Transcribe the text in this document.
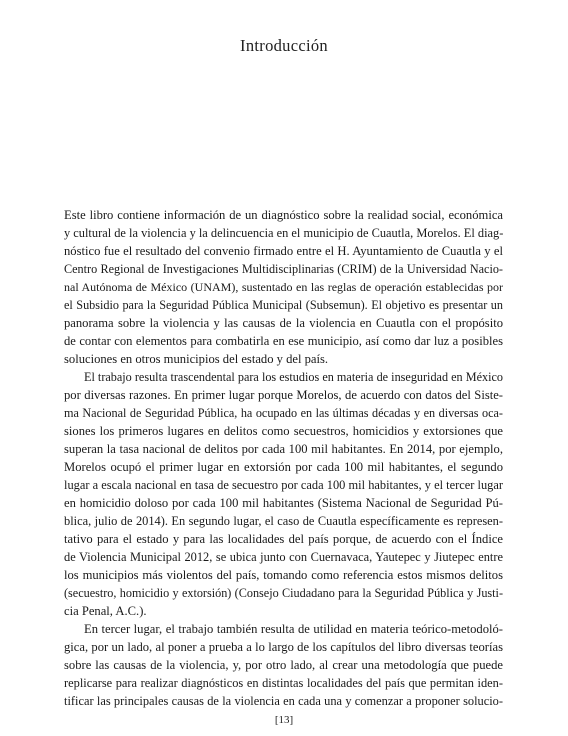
Introducción
Este libro contiene información de un diagnóstico sobre la realidad social, económica
y cultural de la violencia y la delincuencia en el municipio de Cuautla, Morelos. El diag-
nóstico fue el resultado del convenio firmado entre el H. Ayuntamiento de Cuautla y el
Centro Regional de Investigaciones Multidisciplinarias (CRIM) de la Universidad Nacio-
nal Autónoma de México (UNAM), sustentado en las reglas de operación establecidas por
el Subsidio para la Seguridad Pública Municipal (Subsemun). El objetivo es presentar un
panorama sobre la violencia y las causas de la violencia en Cuautla con el propósito
de contar con elementos para combatirla en ese municipio, así como dar luz a posibles
soluciones en otros municipios del estado y del país.
El trabajo resulta trascendental para los estudios en materia de inseguridad en México
por diversas razones. En primer lugar porque Morelos, de acuerdo con datos del Siste-
ma Nacional de Seguridad Pública, ha ocupado en las últimas décadas y en diversas oca-
siones los primeros lugares en delitos como secuestros, homicidios y extorsiones que
superan la tasa nacional de delitos por cada 100 mil habitantes. En 2014, por ejemplo,
Morelos ocupó el primer lugar en extorsión por cada 100 mil habitantes, el segundo
lugar a escala nacional en tasa de secuestro por cada 100 mil habitantes, y el tercer lugar
en homicidio doloso por cada 100 mil habitantes (Sistema Nacional de Seguridad Pú-
blica, julio de 2014). En segundo lugar, el caso de Cuautla específicamente es represen-
tativo para el estado y para las localidades del país porque, de acuerdo con el Índice
de Violencia Municipal 2012, se ubica junto con Cuernavaca, Yautepec y Jiutepec entre
los municipios más violentos del país, tomando como referencia estos mismos delitos
(secuestro, homicidio y extorsión) (Consejo Ciudadano para la Seguridad Pública y Justi-
cia Penal, A.C.).
En tercer lugar, el trabajo también resulta de utilidad en materia teórico-metodoló-
gica, por un lado, al poner a prueba a lo largo de los capítulos del libro diversas teorías
sobre las causas de la violencia, y, por otro lado, al crear una metodología que puede
replicarse para realizar diagnósticos en distintas localidades del país que permitan iden-
tificar las principales causas de la violencia en cada una y comenzar a proponer solucio-
[13]
